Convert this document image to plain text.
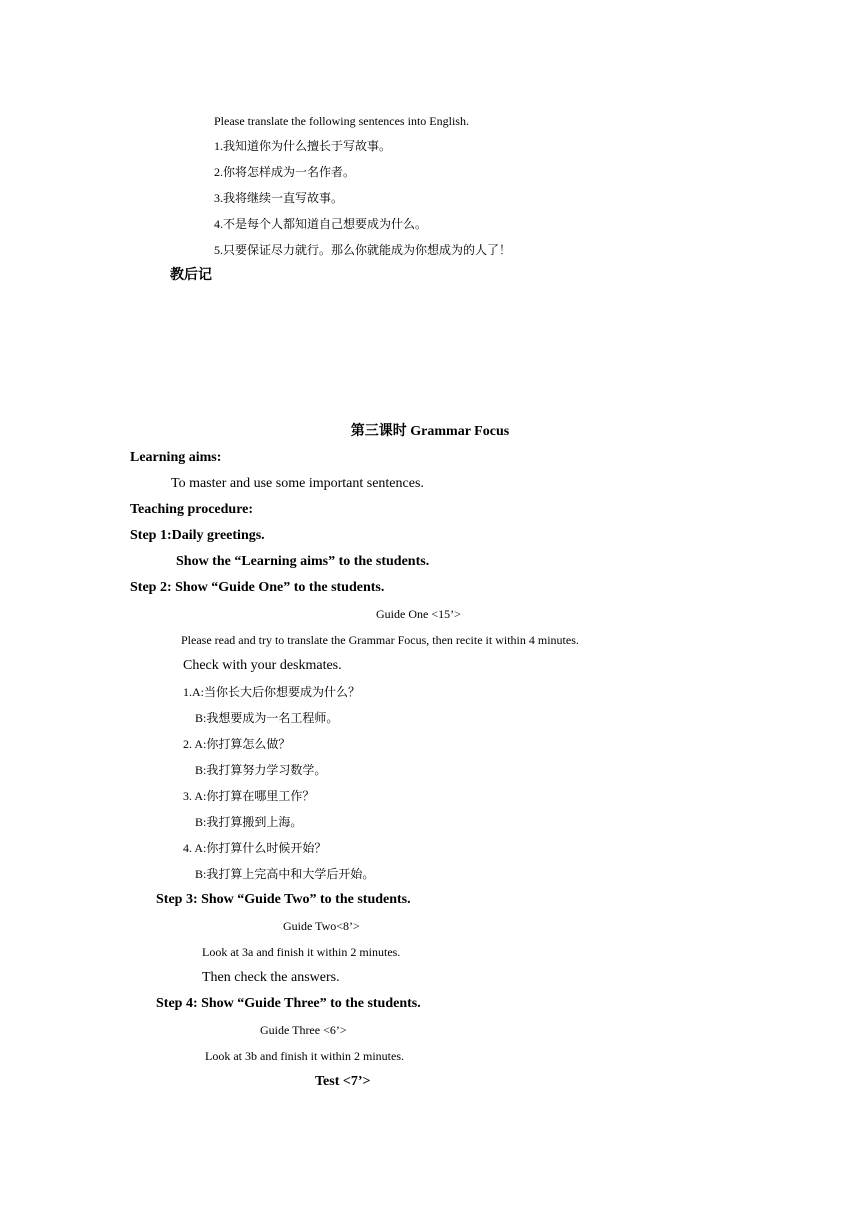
Please translate the following sentences into English.
1.我知道你为什么擅长于写故事。
2.你将怎样成为一名作者。
3.我将继续一直写故事。
4.不是每个人都知道自己想要成为什么。
5.只要保证尽力就行。那么你就能成为你想成为的人了！
教后记
第三课时 Grammar Focus
Learning aims:
To master and use some important sentences.
Teaching procedure:
Step 1:Daily greetings.
Show the “Learning aims” to the students.
Step 2: Show “Guide One” to the students.
Guide One <15’>
Please read and try to translate the Grammar Focus, then recite it within 4 minutes.
Check with your deskmates.
1.A:当你长大后你想要成为什么？
B:我想要成为一名工程师。
2. A:你打算怎么做？
B:我打算努力学习数学。
3. A:你打算在哪里工作？
B:我打算搬到上海。
4. A:你打算什么时候开始？
B:我打算上完高中和大学后开始。
Step 3: Show “Guide Two” to the students.
Guide Two<8’>
Look at 3a and finish it within 2 minutes.
Then check the answers.
Step 4: Show “Guide Three” to the students.
Guide Three <6’>
Look at 3b and finish it within 2 minutes.
Test <7’>
